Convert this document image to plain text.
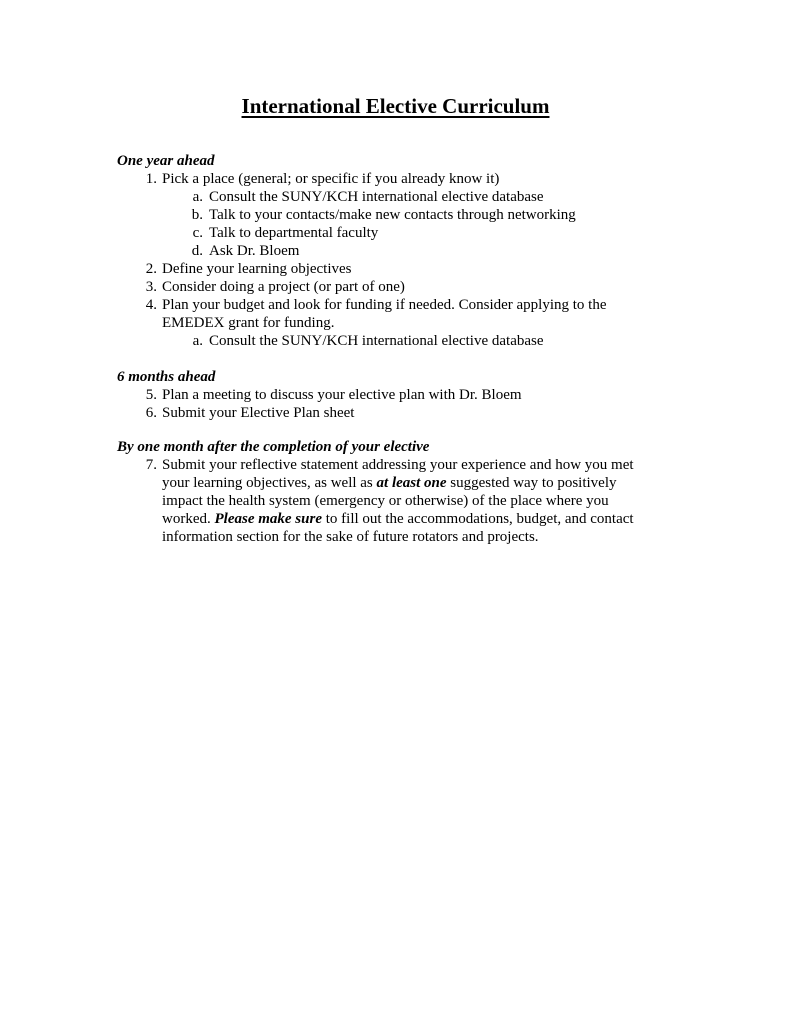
International Elective Curriculum
One year ahead
1. Pick a place (general; or specific if you already know it)
a. Consult the SUNY/KCH international elective database
b. Talk to your contacts/make new contacts through networking
c. Talk to departmental faculty
d. Ask Dr. Bloem
2. Define your learning objectives
3. Consider doing a project (or part of one)
4. Plan your budget and look for funding if needed. Consider applying to the
EMEDEX grant for funding.
a. Consult the SUNY/KCH international elective database
6 months ahead
5. Plan a meeting to discuss your elective plan with Dr. Bloem
6. Submit your Elective Plan sheet
By one month after the completion of your elective
7. Submit your reflective statement addressing your experience and how you met
your learning objectives, as well as at least one suggested way to positively
impact the health system (emergency or otherwise) of the place where you
worked. Please make sure to fill out the accommodations, budget, and contact
information section for the sake of future rotators and projects.
